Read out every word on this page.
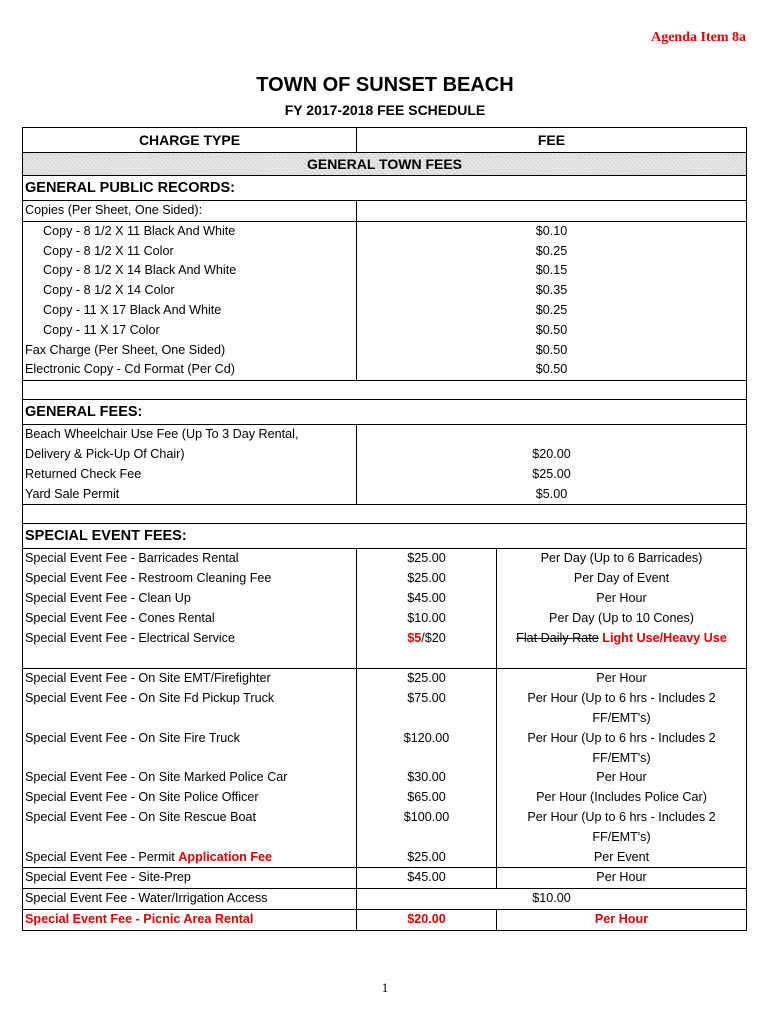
Agenda Item 8a
TOWN OF SUNSET BEACH
FY 2017-2018 FEE SCHEDULE
CHARGE TYPE	FEE	
GENERAL TOWN FEES		
GENERAL PUBLIC RECORDS:		
Copies (Per Sheet, One Sided):		
Copy - 8 1/2 X 11 Black And White	$0.10	
Copy - 8 1/2 X 11 Color	$0.25	
Copy - 8 1/2 X 14 Black And White	$0.15	
Copy - 8 1/2 X 14 Color	$0.35	
Copy - 11 X 17 Black And White	$0.25	
Copy - 11 X 17 Color	$0.50	
Fax Charge (Per Sheet, One Sided)	$0.50	
Electronic Copy - Cd Format (Per Cd)	$0.50	

GENERAL FEES:		
Beach Wheelchair Use Fee (Up To 3 Day Rental,		
Delivery & Pick-Up Of Chair)	$20.00	
Returned Check Fee	$25.00	
Yard Sale Permit	$5.00	

SPECIAL EVENT FEES:		
Special Event Fee - Barricades Rental	$25.00	Per Day (Up to 6 Barricades)
Special Event Fee - Restroom Cleaning Fee	$25.00	Per Day of Event
Special Event Fee - Clean Up	$45.00	Per Hour
Special Event Fee - Cones Rental	$10.00	Per Day (Up to 10 Cones)
Special Event Fee - Electrical Service	$5/$20	Flat Daily Rate Light Use/Heavy Use

Special Event Fee - On Site EMT/Firefighter	$25.00	Per Hour
Special Event Fee - On Site Fd Pickup Truck	$75.00	Per Hour (Up to 6 hrs - Includes 2
		FF/EMT's)
Special Event Fee - On Site Fire Truck	$120.00	Per Hour (Up to 6 hrs - Includes 2
		FF/EMT's)
Special Event Fee - On Site Marked Police Car	$30.00	Per Hour
Special Event Fee - On Site Police Officer	$65.00	Per Hour (Includes Police Car)
Special Event Fee - On Site Rescue Boat	$100.00	Per Hour (Up to 6 hrs - Includes 2
		FF/EMT's)
Special Event Fee - Permit Application Fee	$25.00	Per Event
Special Event Fee - Site-Prep	$45.00	Per Hour
Special Event Fee - Water/Irrigation Access	$10.00	
Special Event Fee - Picnic Area Rental	$20.00	Per Hour
1
